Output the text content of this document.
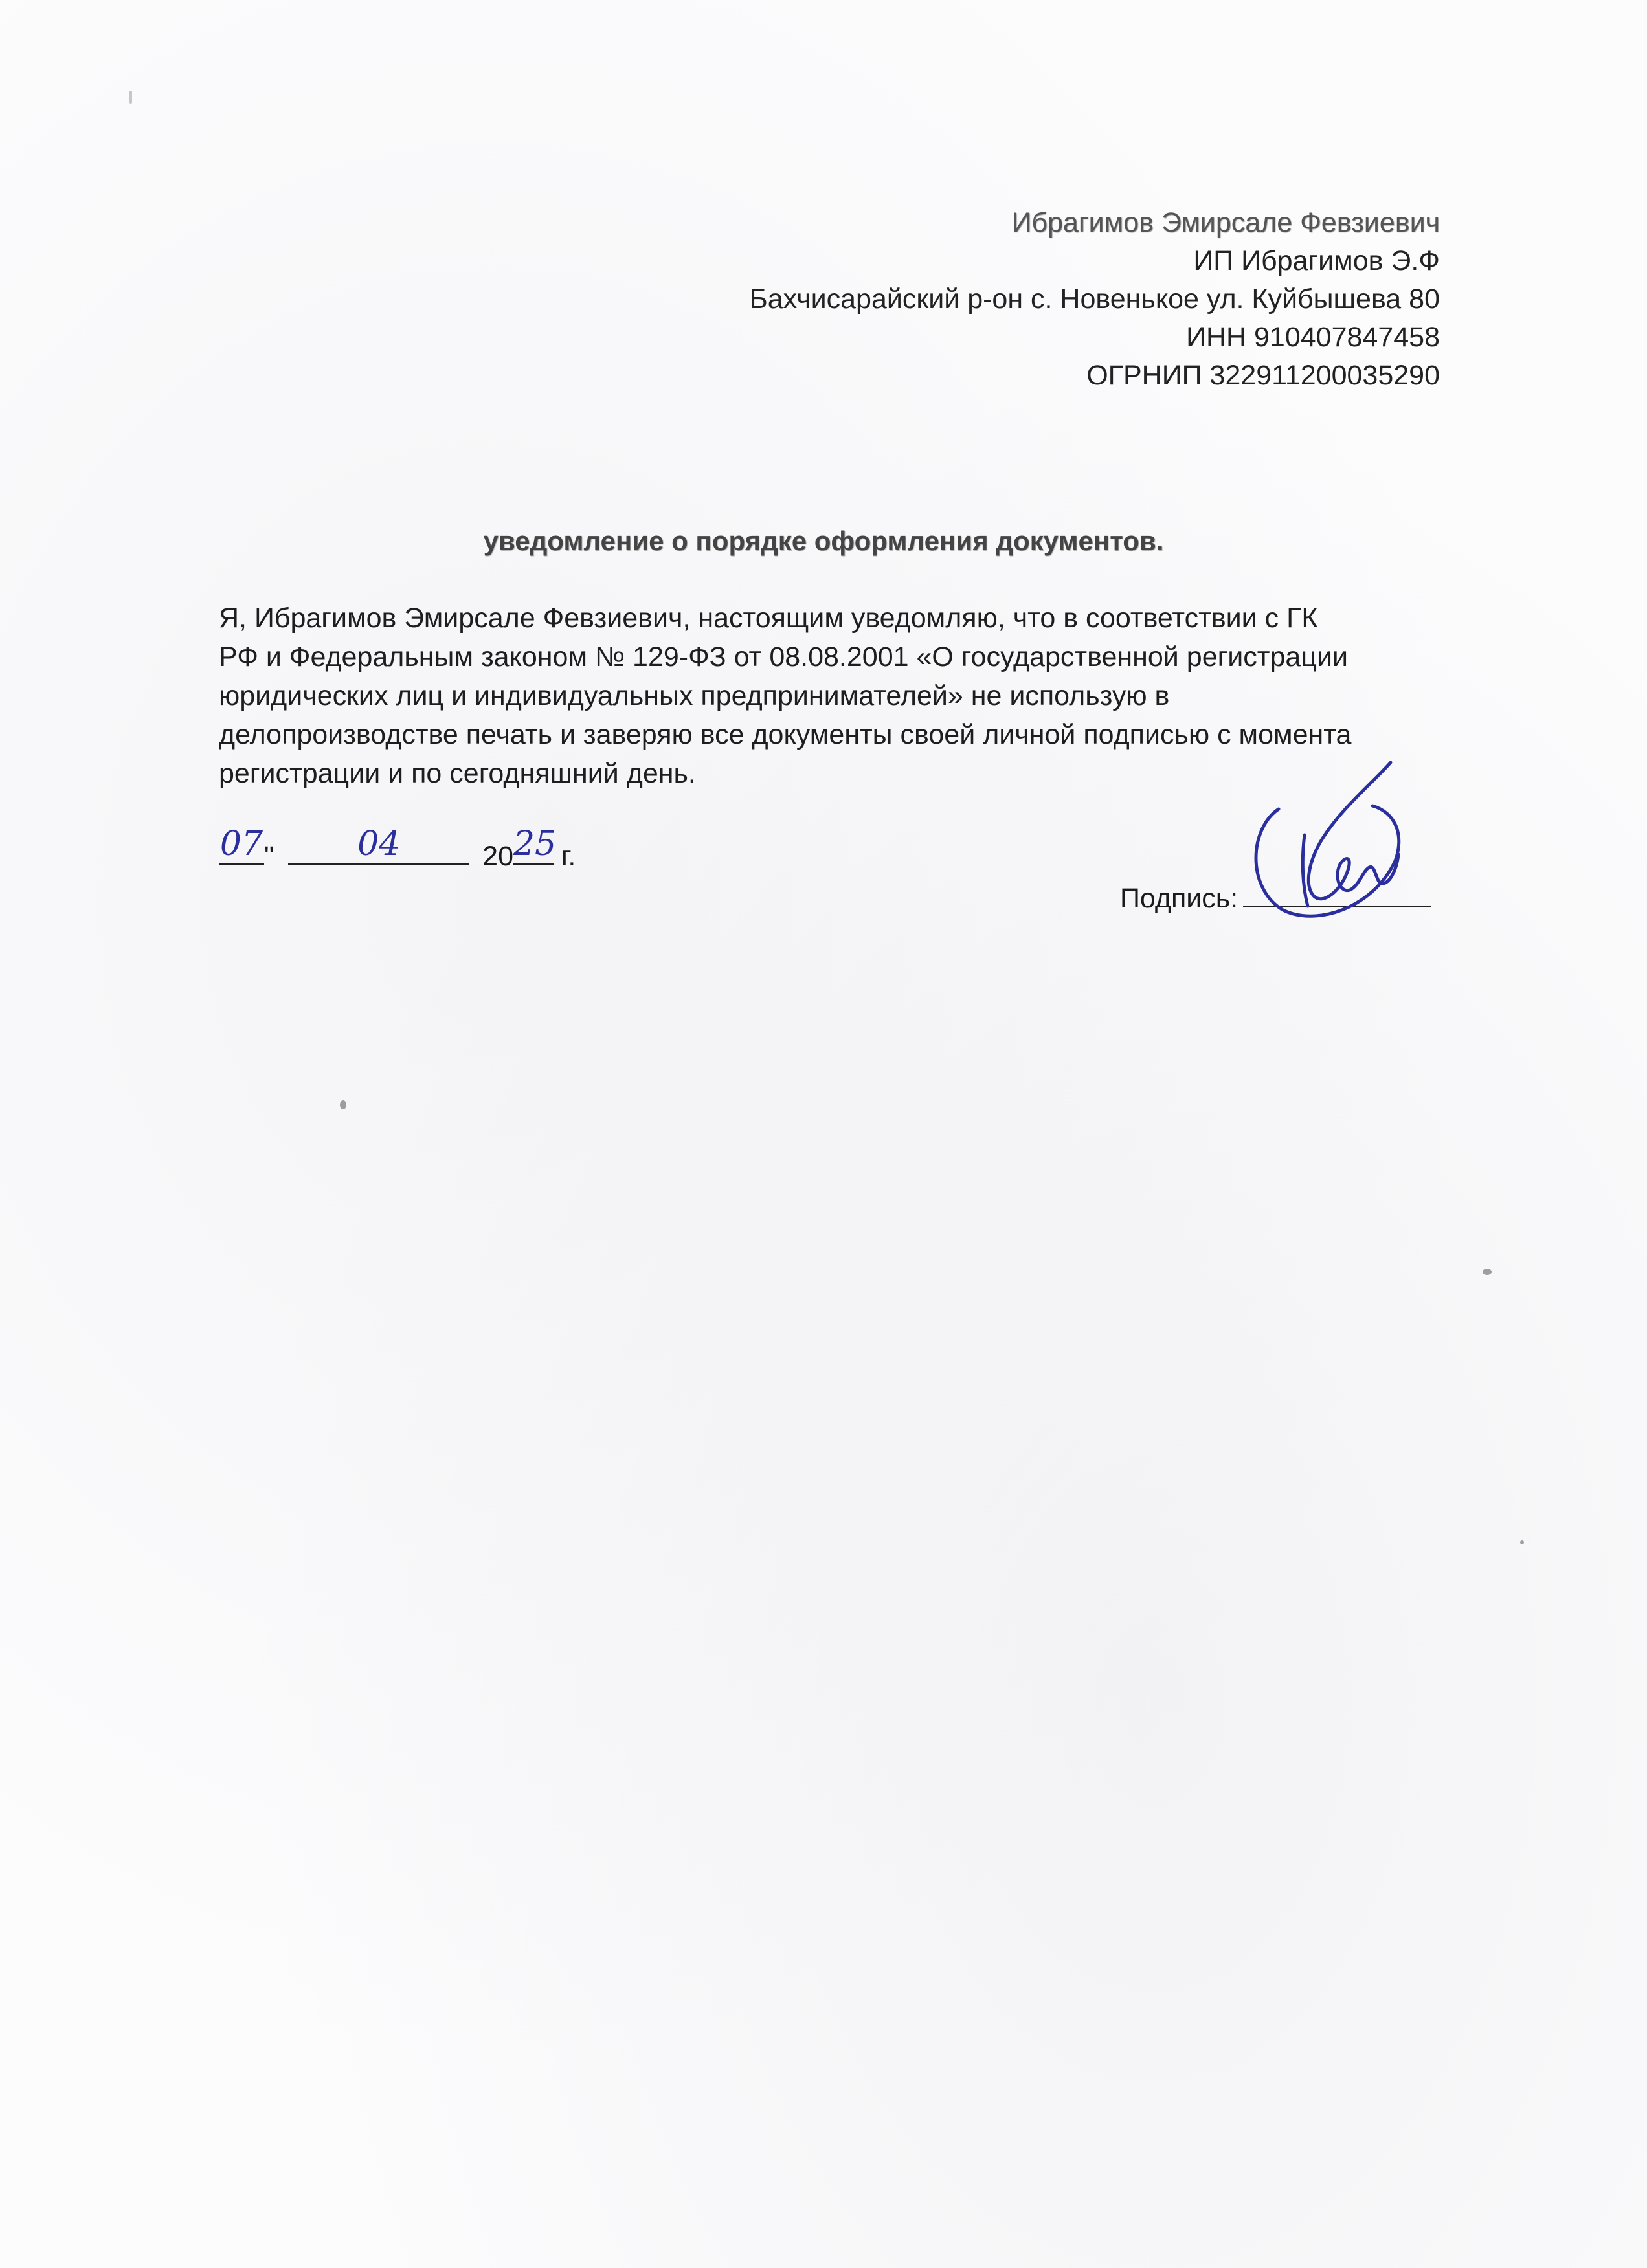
Ибрагимов Эмирсале Февзиевич
ИП Ибрагимов Э.Ф
Бахчисарайский р-он с. Новенькое ул. Куйбышева 80
ИНН 910407847458
ОГРНИП 322911200035290
уведомление о порядке оформления документов.
Я, Ибрагимов Эмирсале Февзиевич, настоящим уведомляю, что в соответствии с ГК
РФ и Федеральным законом № 129-ФЗ от 08.08.2001 «О государственной регистрации
юридических лиц и индивидуальных предпринимателей» не использую в
делопроизводстве печать и заверяю все документы своей личной подписью с момента
регистрации и по сегодняшний день.
07 "	04	20 25 г.
Подпись:
